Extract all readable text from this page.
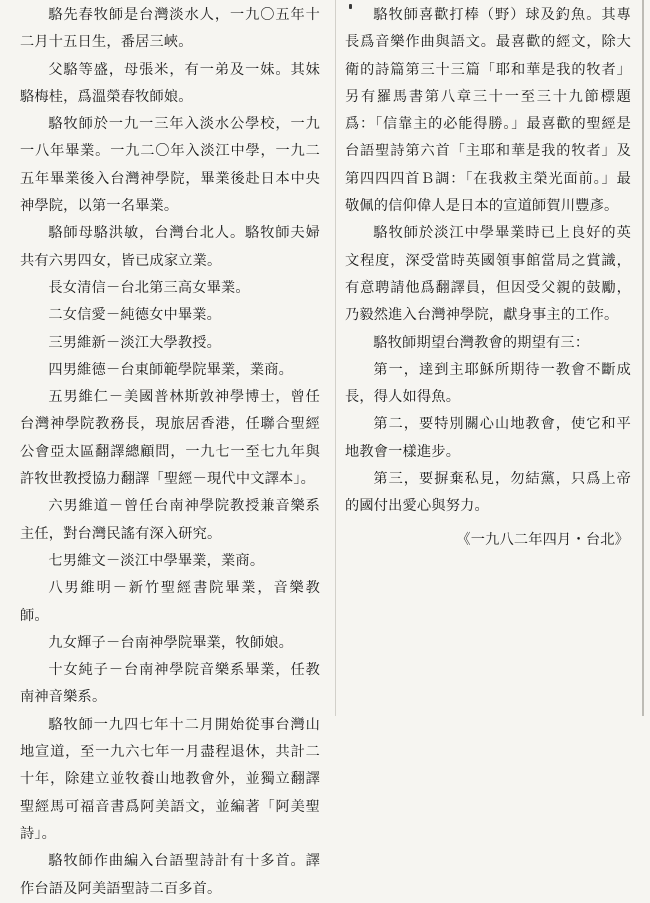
駱先春牧師是台灣淡水人，一九〇五年十二月十五日生，番居三峽。

父駱等盛，母張米，有一弟及一妹。其妹駱梅桂，爲溫榮春牧師娘。

駱牧師於一九一三年入淡水公學校，一九一八年畢業。一九二〇年入淡江中學，一九二五年畢業後入台灣神學院，畢業後赴日本中央神學院，以第一名畢業。

駱師母駱洪敏，台灣台北人。駱牧師夫婦共有六男四女，皆已成家立業。

長女清信－台北第三高女畢業。

二女信愛－純德女中畢業。

三男維新－淡江大學教授。

四男維德－台東師範學院畢業，業商。

五男維仁－美國普林斯敦神學博士，曾任台灣神學院教務長，現旅居香港，任聯合聖經公會亞太區翻譯總顧問，一九七一至七九年與許牧世教授協力翻譯「聖經－現代中文譯本」。

六男維道－曾任台南神學院教授兼音樂系主任，對台灣民謠有深入研究。

七男維文－淡江中學畢業，業商。

八男維明－新竹聖經書院畢業，音樂教師。

九女輝子－台南神學院畢業，牧師娘。

十女純子－台南神學院音樂系畢業，任教南神音樂系。

駱牧師一九四七年十二月開始從事台灣山地宣道，至一九六七年一月盡程退休，共計二十年，除建立並牧養山地教會外，並獨立翻譯聖經馬可福音書爲阿美語文，並編著「阿美聖詩」。

駱牧師作曲編入台語聖詩計有十多首。譯作台語及阿美語聖詩二百多首。

駱牧師喜歡打棒（野）球及釣魚。其專長爲音樂作曲與語文。最喜歡的經文，除大衛的詩篇第三十三篇「耶和華是我的牧者」另有羅馬書第八章三十一至三十九節標題爲：「信靠主的必能得勝。」最喜歡的聖經是台語聖詩第六首「主耶和華是我的牧者」及第四四四首Ｂ調：「在我救主榮光面前。」最敬佩的信仰偉人是日本的宣道師賀川豐彥。

駱牧師於淡江中學畢業時已上良好的英文程度，深受當時英國領事館當局之賞識，有意聘請他爲翻譯員，但因受父親的鼓勵，乃毅然進入台灣神學院，獻身事主的工作。

駱牧師期望台灣教會的期望有三：

第一，達到主耶穌所期待一教會不斷成長，得人如得魚。

第二，要特別關心山地教會，使它和平地教會一樣進步。

第三，要摒棄私見，勿結黨，只爲上帝的國付出愛心與努力。

《一九八二年四月・台北》
